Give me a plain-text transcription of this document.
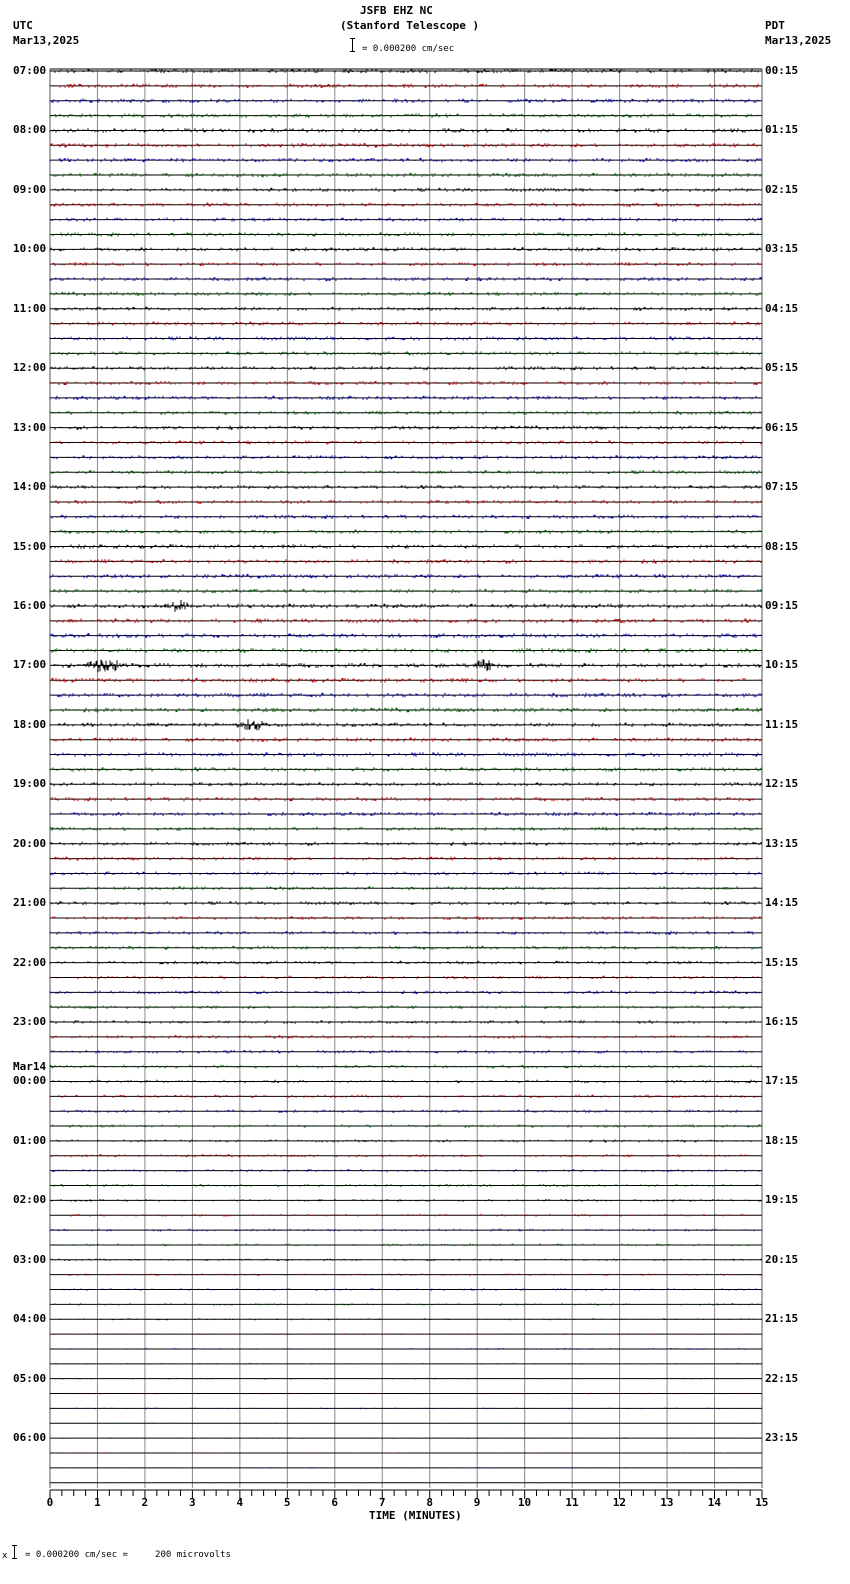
JSFB EHZ NC
(Stanford Telescope )
UTC
Mar13,2025
PDT
Mar13,2025
= 0.000200 cm/sec
07:00
08:00
09:00
10:00
11:00
12:00
13:00
14:00
15:00
16:00
17:00
18:00
19:00
20:00
21:00
22:00
23:00
00:00
01:00
02:00
03:00
04:00
05:00
06:00
Mar14
00:15
01:15
02:15
03:15
04:15
05:15
06:15
07:15
08:15
09:15
10:15
11:15
12:15
13:15
14:15
15:15
16:15
17:15
18:15
19:15
20:15
21:15
22:15
23:15
0	1	2	3	4	5	6	7	8	9	10	11	12	13	14	15
TIME (MINUTES)
x = 0.000200 cm/sec =     200 microvolts
